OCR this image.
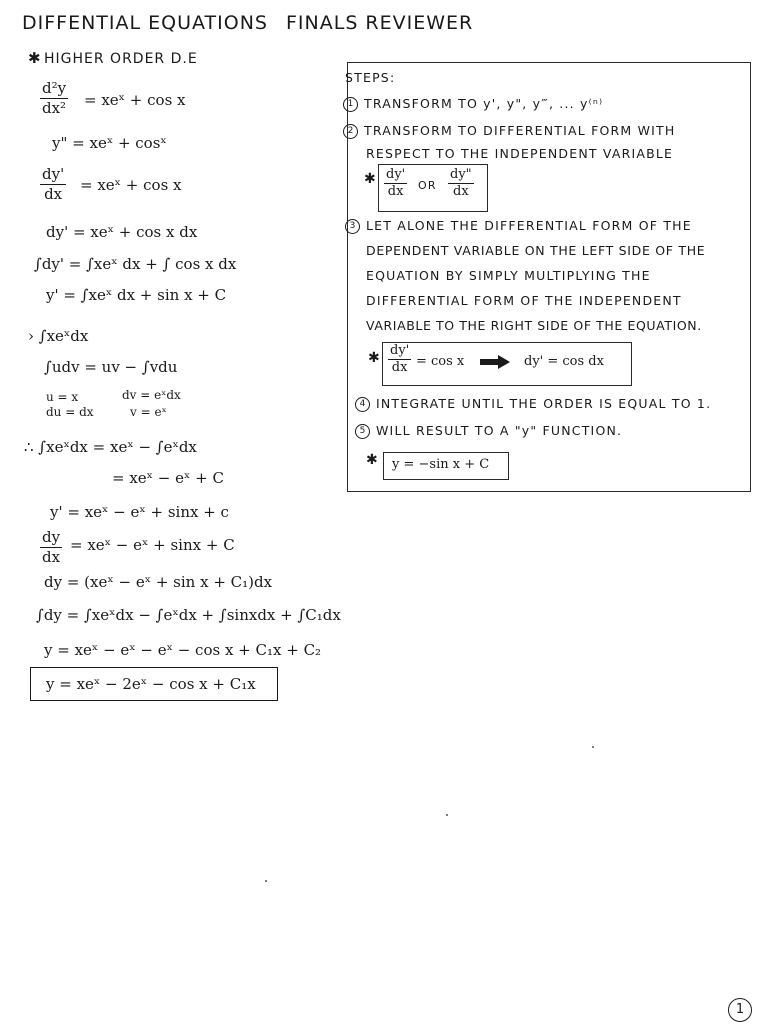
DIFFENTIAL EQUATIONS FINALS REVIEWER
✱ HIGHER ORDER D.E
d²y
dx² = xeˣ + cos x
y" = xeˣ + cosˣ
dy'
dx = xeˣ + cos x
dy' = xeˣ + cos x dx
∫dy' = ∫xeˣ dx + ∫ cos x dx
y' = ∫xeˣ dx + sin x + C
› ∫xeˣdx
∫udv = uv − ∫vdu
u = x	dv = eˣdx
du = dx	v = eˣ
∴ ∫xeˣdx = xeˣ − ∫eˣdx
= xeˣ − eˣ + C
y' = xeˣ − eˣ + sinx + c
dy
dx
= xeˣ − eˣ + sinx + C
dy = (xeˣ − eˣ + sin x + C₁)dx
∫dy = ∫xeˣdx − ∫eˣdx + ∫sinxdx + ∫C₁dx
y = xeˣ − eˣ − eˣ − cos x + C₁x + C₂
y = xeˣ − 2eˣ − cos x + C₁x
STEPS:
1 TRANSFORM TO y', y", y‴, ... y⁽ⁿ⁾
2 TRANSFORM TO DIFFERENTIAL FORM WITH
RESPECT TO THE INDEPENDENT VARIABLE
✱ dy'
dx OR
dy"
dx
3 LET ALONE THE DIFFERENTIAL FORM OF THE
DEPENDENT VARIABLE ON THE LEFT SIDE OF THE
EQUATION BY SIMPLY MULTIPLYING THE
DIFFERENTIAL FORM OF THE INDEPENDENT
VARIABLE TO THE RIGHT SIDE OF THE EQUATION.
✱ dy'
dx = cos x	dy' = cos dx
4 INTEGRATE UNTIL THE ORDER IS EQUAL TO 1.
5 WILL RESULT TO A "y" FUNCTION.
✱ y = −sin x + C
1
